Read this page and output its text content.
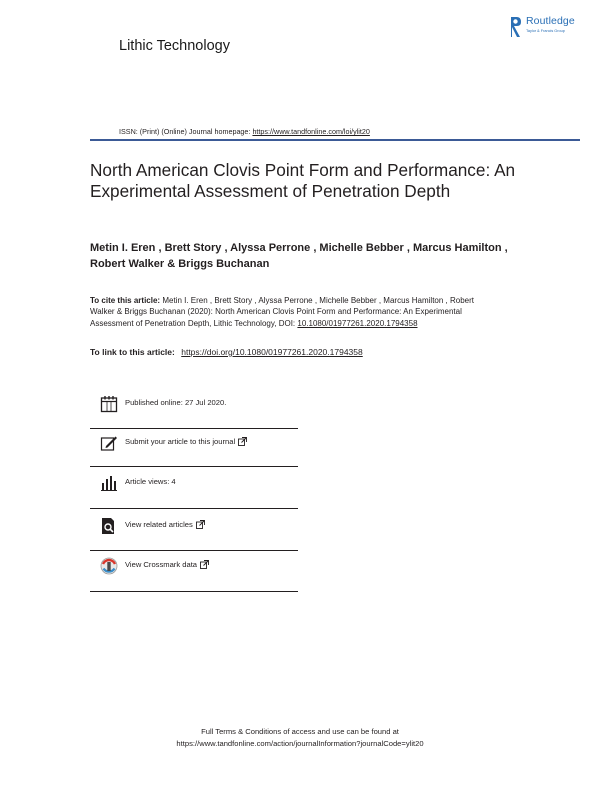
Lithic Technology
Routledge
Taylor & Francis Group
ISSN: (Print) (Online) Journal homepage: https://www.tandfonline.com/loi/ylit20
North American Clovis Point Form and Performance: An Experimental Assessment of Penetration Depth
Metin I. Eren , Brett Story , Alyssa Perrone , Michelle Bebber , Marcus Hamilton , Robert Walker & Briggs Buchanan
To cite this article: Metin I. Eren , Brett Story , Alyssa Perrone , Michelle Bebber , Marcus Hamilton , Robert Walker & Briggs Buchanan (2020): North American Clovis Point Form and Performance: An Experimental Assessment of Penetration Depth, Lithic Technology, DOI: 10.1080/01977261.2020.1794358
To link to this article: https://doi.org/10.1080/01977261.2020.1794358
Published online: 27 Jul 2020.
Submit your article to this journal
Article views: 4
View related articles
View Crossmark data
Full Terms & Conditions of access and use can be found at
https://www.tandfonline.com/action/journalInformation?journalCode=ylit20
